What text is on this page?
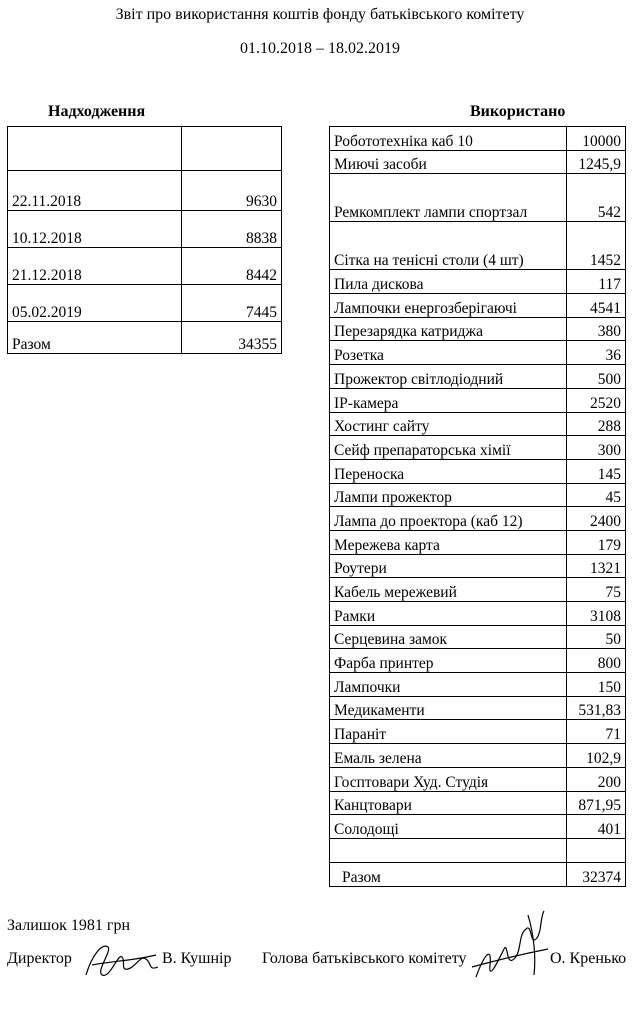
Звіт про використання коштів фонду батьківського комітету
01.10.2018 – 18.02.2019
Надходження	Використано

22.11.2018	9630
10.12.2018	8838
21.12.2018	8442
05.02.2019	7445
Разом	34355
Робототехніка каб 10	10000
Миючі засоби	1245,9
Ремкомплект лампи спортзал	542
Сітка на тенісні столи (4 шт)	1452
Пила дискова	117
Лампочки енергозберігаючі	4541
Перезарядка катриджа	380
Розетка	36
Прожектор світлодіодний	500
IP-камера	2520
Хостинг сайту	288
Сейф препараторська хімії	300
Переноска	145
Лампи прожектор	45
Лампа до проектора (каб 12)	2400
Мережева карта	179
Роутери	1321
Кабель мережевий	75
Рамки	3108
Серцевина замок	50
Фарба принтер	800
Лампочки	150
Медикаменти	531,83
Паранiт	71
Емаль зелена	102,9
Госптовари Худ. Студія	200
Канцтовари	871,95
Солодощі	401

Разом	32374
Залишок 1981 грн
Директор	В. Кушнір Голова батьківського комітету	О. Кренько
